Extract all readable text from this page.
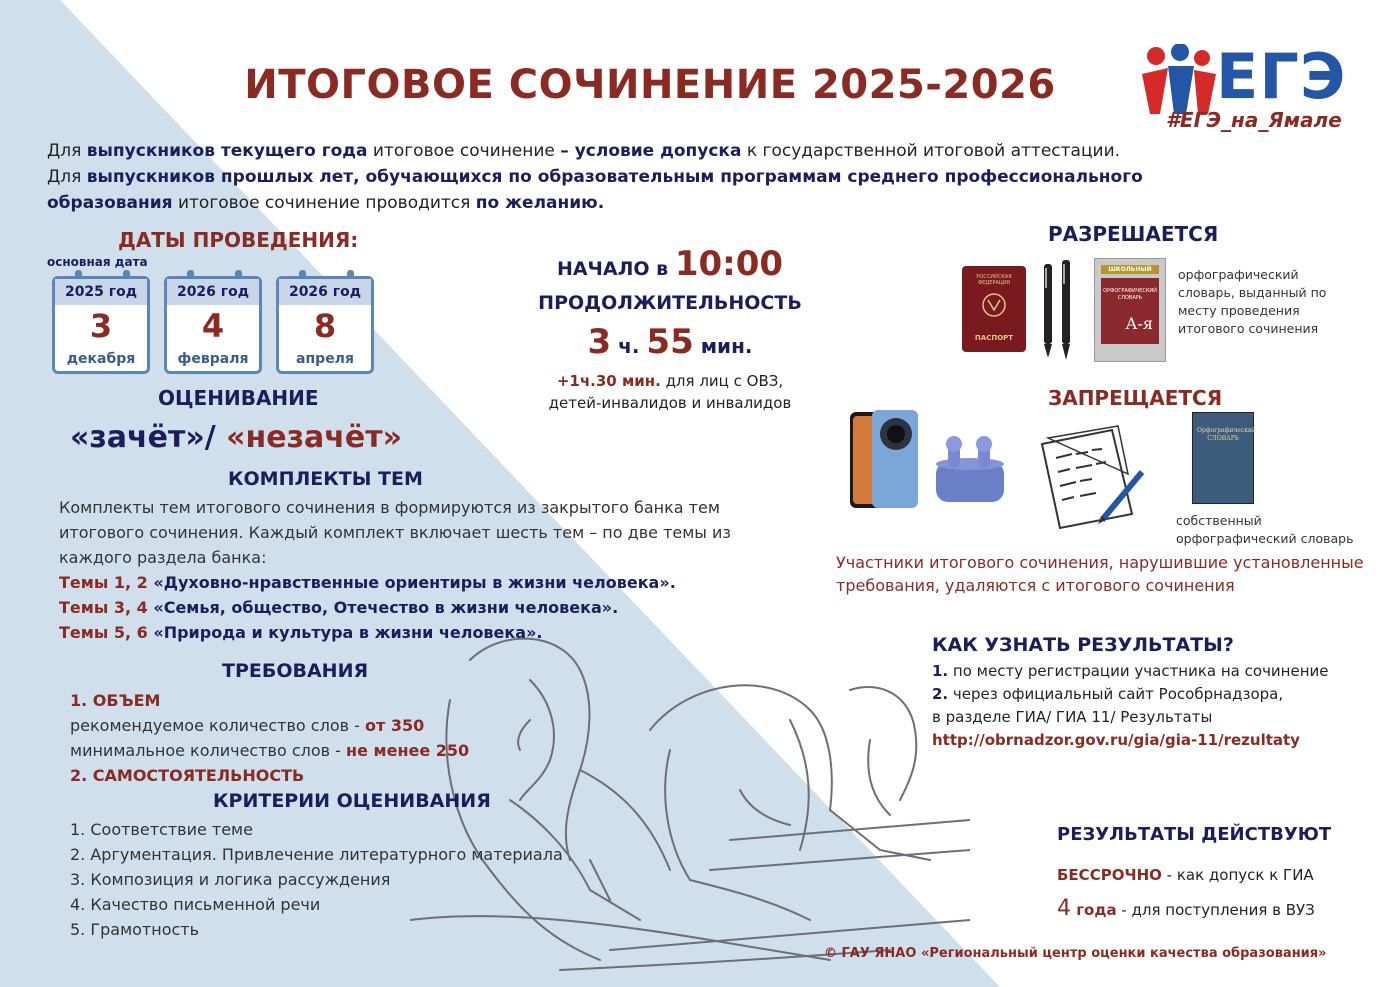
ИТОГОВОЕ СОЧИНЕНИЕ 2025-2026	ЕГЭ
#ЕГЭ_на_Ямале

Для выпускников текущего года итоговое сочинение – условие допуска к государственной итоговой аттестации.

Для выпускников прошлых лет, обучающихся по образовательным программам среднего профессионального

образования итоговое сочинение проводится по желанию.

ДАТЫ ПРОВЕДЕНИЯ:
основная дата
2025 год
3
декабря
2026 год
4
февраля
2026 год
8
апреля
НАЧАЛО в 10:00
ПРОДОЛЖИТЕЛЬНОСТЬ
3 ч. 55 мин.
+1ч.30 мин. для лиц с ОВЗ,
детей-инвалидов и инвалидов
ОЦЕНИВАНИЕ
«зачёт»/ «незачёт»
КОМПЛЕКТЫ ТЕМ
Комплекты тем итогового сочинения в формируются из закрытого банка тем итогового сочинения. Каждый комплект включает шесть тем – по две темы из каждого раздела банка:
Темы 1, 2 «Духовно-нравственные ориентиры в жизни человека».
Темы 3, 4 «Семья, общество, Отечество в жизни человека».
Темы 5, 6 «Природа и культура в жизни человека».
ТРЕБОВАНИЯ
1. ОБЪЕМ
рекомендуемое количество слов - от 350
минимальное количество слов - не менее 250
2. САМОСТОЯТЕЛЬНОСТЬ
КРИТЕРИИ ОЦЕНИВАНИЯ
1. Соответствие теме
2. Аргументация. Привлечение литературного материала
3. Композиция и логика рассуждения
4. Качество письменной речи
5. Грамотность
РАЗРЕШАЕТСЯ
РОССИЙСКАЯ ФЕДЕРАЦИЯ
ПАСПОРТ
ШКОЛЬНЫЙ
ОРФОГРАФИЧЕСКИЙ СЛОВАРЬ
А-я
орфографический словарь, выданный по месту проведения итогового сочинения
ЗАПРЕЩАЕТСЯ
Орфографический СЛОВАРЬ
собственный орфографический словарь
Участники итогового сочинения, нарушившие установленные требования, удаляются с итогового сочинения
КАК УЗНАТЬ РЕЗУЛЬТАТЫ?
1. по месту регистрации участника на сочинение
2. через официальный сайт Рособрнадзора,
в разделе ГИА/ ГИА 11/ Результаты
http://obrnadzor.gov.ru/gia/gia-11/rezultaty
РЕЗУЛЬТАТЫ ДЕЙСТВУЮТ
БЕССРОЧНО - как допуск к ГИА
4 года - для поступления в ВУЗ
© ГАУ ЯНАО «Региональный центр оценки качества образования»
